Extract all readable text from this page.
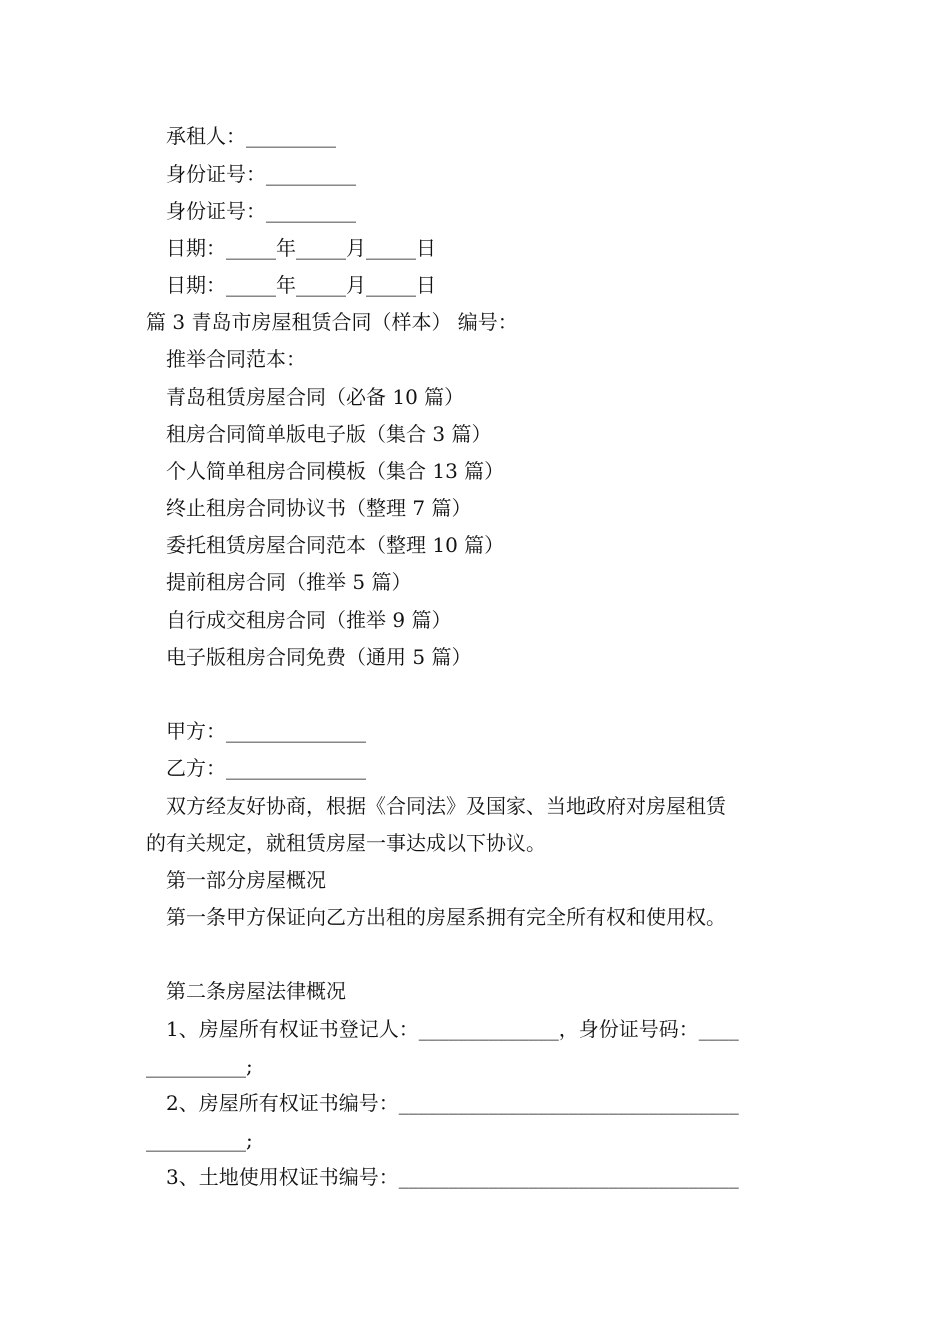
承租人：_________
身份证号：_________
身份证号：_________
日期：_____年_____月_____日
日期：_____年_____月_____日
篇 3 青岛市房屋租赁合同（样本） 编号：
推举合同范本：
青岛租赁房屋合同（必备 10 篇）
租房合同简单版电子版（集合 3 篇）
个人简单租房合同模板（集合 13 篇）
终止租房合同协议书（整理 7 篇）
委托租赁房屋合同范本（整理 10 篇）
提前租房合同（推举 5 篇）
自行成交租房合同（推举 9 篇）
电子版租房合同免费（通用 5 篇）
甲方：______________
乙方：______________
双方经友好协商，根据《合同法》及国家、当地政府对房屋租赁
的有关规定，就租赁房屋一事达成以下协议。
第一部分房屋概况
第一条甲方保证向乙方出租的房屋系拥有完全所有权和使用权。
第二条房屋法律概况
1、房屋所有权证书登记人：______________，身份证号码：____
__________;
2、房屋所有权证书编号：__________________________________
__________;
3、土地使用权证书编号：__________________________________
